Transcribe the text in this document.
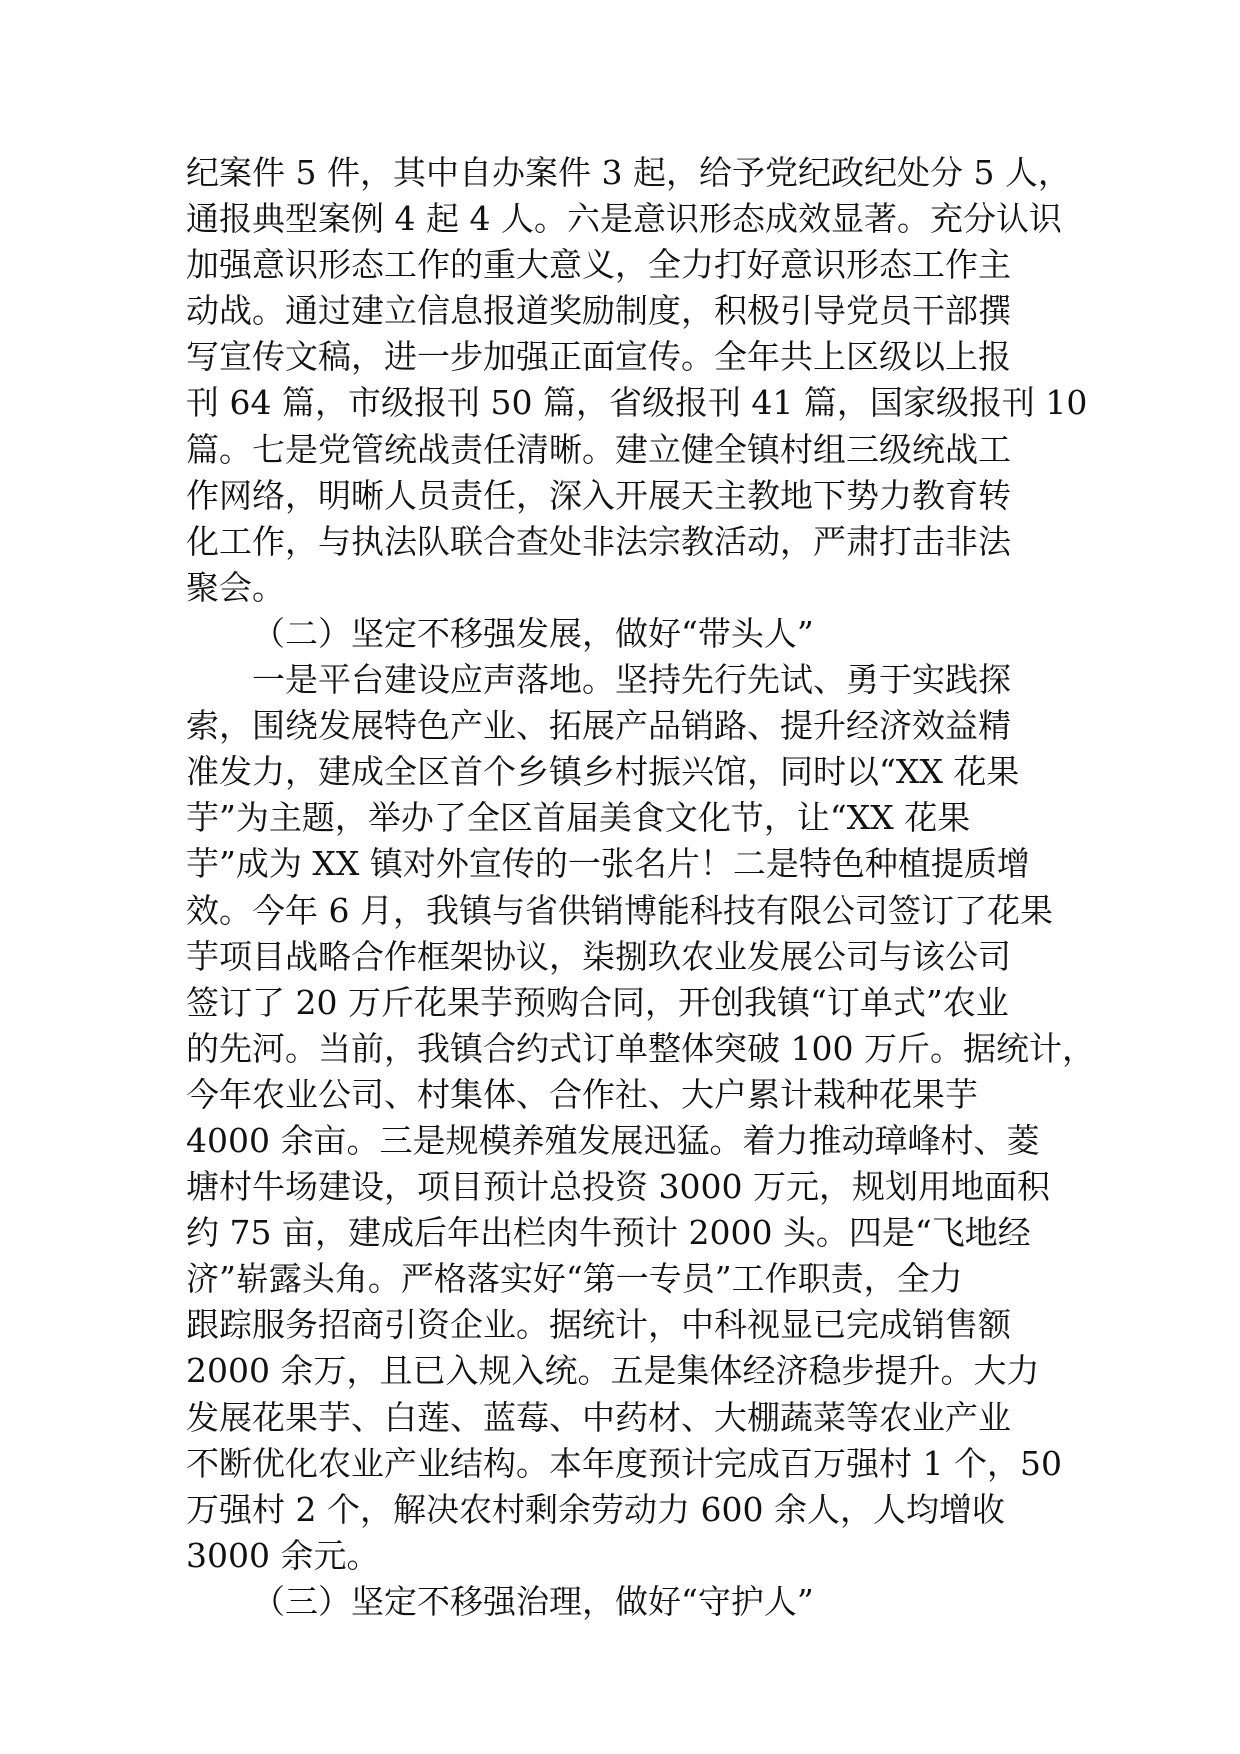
纪案件 5 件，其中自办案件 3 起，给予党纪政纪处分 5 人，
通报典型案例 4 起 4 人。六是意识形态成效显著。充分认识
加强意识形态工作的重大意义，全力打好意识形态工作主
动战。通过建立信息报道奖励制度，积极引导党员干部撰
写宣传文稿，进一步加强正面宣传。全年共上区级以上报
刊 64 篇，市级报刊 50 篇，省级报刊 41 篇，国家级报刊 10
篇。七是党管统战责任清晰。建立健全镇村组三级统战工
作网络，明晰人员责任，深入开展天主教地下势力教育转
化工作，与执法队联合查处非法宗教活动，严肃打击非法
聚会。
（二）坚定不移强发展，做好“带头人”
一是平台建设应声落地。坚持先行先试、勇于实践探
索，围绕发展特色产业、拓展产品销路、提升经济效益精
准发力，建成全区首个乡镇乡村振兴馆，同时以“XX 花果
芋”为主题，举办了全区首届美食文化节，让“XX 花果
芋”成为 XX 镇对外宣传的一张名片！二是特色种植提质增
效。今年 6 月，我镇与省供销博能科技有限公司签订了花果
芋项目战略合作框架协议，柒捌玖农业发展公司与该公司
签订了 20 万斤花果芋预购合同，开创我镇“订单式”农业
的先河。当前，我镇合约式订单整体突破 100 万斤。据统计，
今年农业公司、村集体、合作社、大户累计栽种花果芋
4000 余亩。三是规模养殖发展迅猛。着力推动璋峰村、菱
塘村牛场建设，项目预计总投资 3000 万元，规划用地面积
约 75 亩，建成后年出栏肉牛预计 2000 头。四是“飞地经
济”崭露头角。严格落实好“第一专员”工作职责，全力
跟踪服务招商引资企业。据统计，中科视显已完成销售额
2000 余万，且已入规入统。五是集体经济稳步提升。大力
发展花果芋、白莲、蓝莓、中药材、大棚蔬菜等农业产业
不断优化农业产业结构。本年度预计完成百万强村 1 个，50
万强村 2 个，解决农村剩余劳动力 600 余人，人均增收
3000 余元。
（三）坚定不移强治理，做好“守护人”
